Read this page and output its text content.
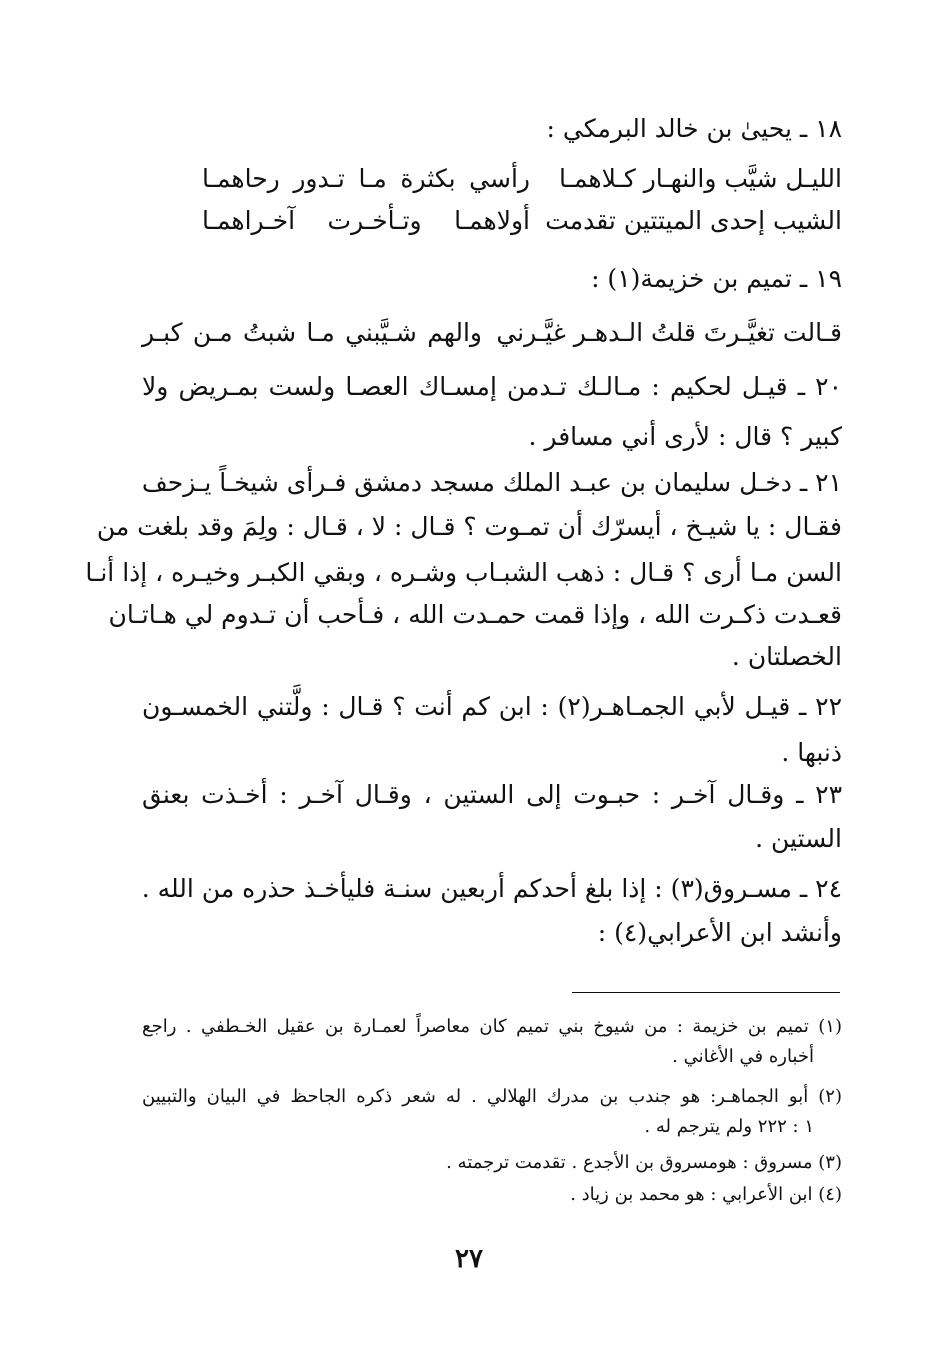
١٨ ـ يحيىٰ بن خالد البرمكي :
الليـل شيَّب والنهـار كـلاهمـا
رأسي بكثرة مـا تـدور رحاهمـا
الشيب إحدى الميتتين تقدمت
أولاهمـا وتـأخـرت آخـراهمـا
١٩ ـ تميم بن خزيمة(١) :
قـالت تغيَّـرتَ قلتُ الـدهـر غيَّـرني
والهم شـيَّبني مـا شبتُ مـن كبـر
٢٠ ـ قيـل لحكيم : مـالـك تـدمن إمسـاك العصـا ولست بمـريض ولا
كبير ؟ قال : لأرى أني مسافر .
٢١ ـ دخـل سليمان بن عبـد الملك مسجد دمشق فـرأى شيخـاً يـزحف
فقـال : يا شيـخ ، أيسرّك أن تمـوت ؟ قـال : لا ، قـال : ولِمَ وقد بلغت من
السن مـا أرى ؟ قـال : ذهب الشبـاب وشـره ، وبقي الكبـر وخيـره ، إذا أنـا
قعـدت ذكـرت الله ، وإذا قمت حمـدت الله ، فـأحب أن تـدوم لي هـاتـان
الخصلتان .
٢٢ ـ قيـل لأبي الجمـاهـر(٢) : ابن كم أنت ؟ قـال : ولَّتني الخمسـون
ذنبها .
٢٣ ـ وقـال آخـر : حبـوت إلى الستين ، وقـال آخـر : أخـذت بعنق
الستين .
٢٤ ـ مسـروق(٣) : إذا بلغ أحدكم أربعين سنـة فليأخـذ حذره من الله .
وأنشد ابن الأعرابي(٤) :
(١) تميم بن خزيمة : من شيوخ بني تميم كان معاصراً لعمـارة بن عقيل الخـطفي . راجع
أخباره في الأغاني .
(٢) أبو الجماهـر: هو جندب بن مدرك الهلالي . له شعر ذكره الجاحظ في البيان والتبيين
١ : ٢٢٢ ولم يترجم له .
(٣) مسروق : هومسروق بن الأجدع . تقدمت ترجمته .
(٤) ابن الأعرابي : هو محمد بن زياد .
٢٧
